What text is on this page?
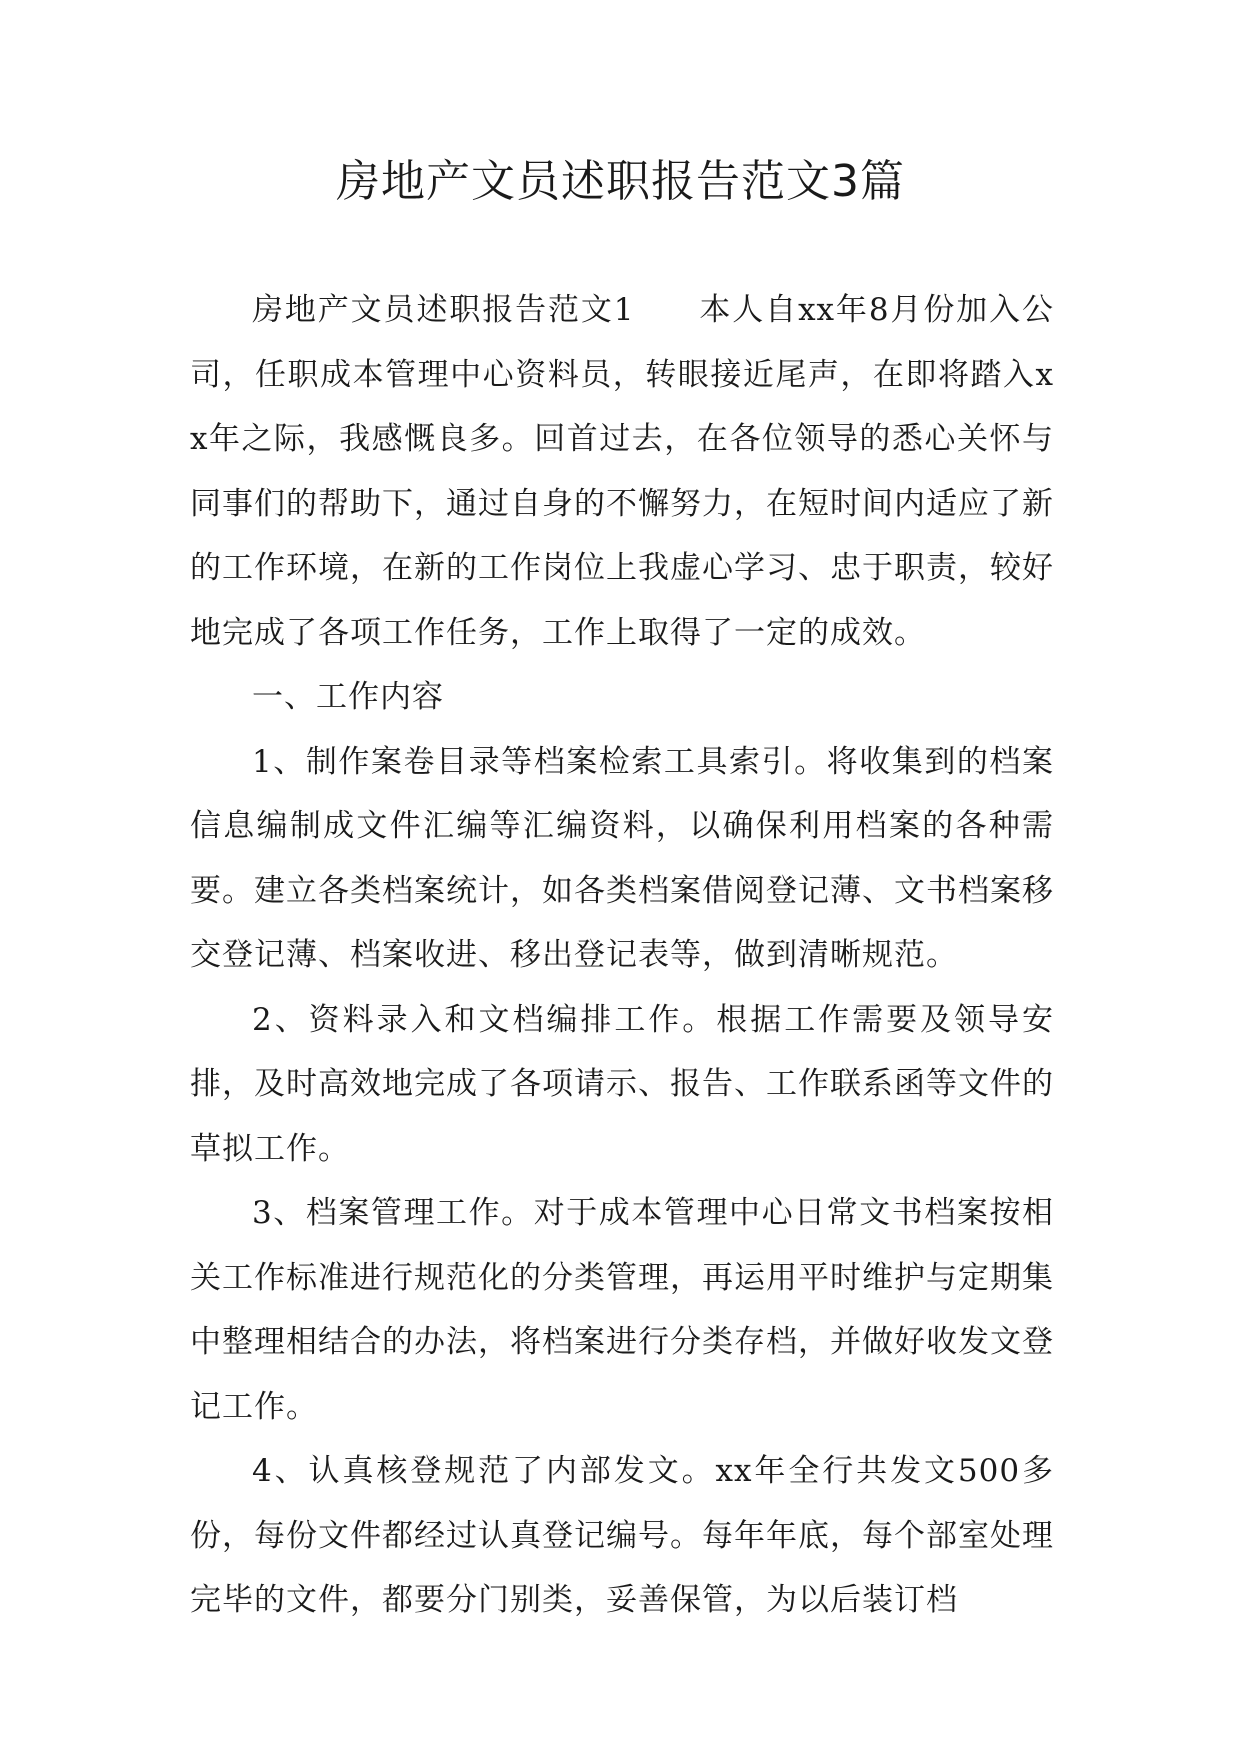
房地产文员述职报告范文3篇

房地产文员述职报告范文1 本人自xx年8月份加入公司，任职成本管理中心资料员，转眼接近尾声，在即将踏入xx年之际，我感慨良多。回首过去，在各位领导的悉心关怀与同事们的帮助下，通过自身的不懈努力，在短时间内适应了新的工作环境，在新的工作岗位上我虚心学习、忠于职责，较好地完成了各项工作任务，工作上取得了一定的成效。

一、工作内容

1、制作案卷目录等档案检索工具索引。将收集到的档案信息编制成文件汇编等汇编资料，以确保利用档案的各种需要。建立各类档案统计，如各类档案借阅登记薄、文书档案移交登记薄、档案收进、移出登记表等，做到清晰规范。

2、资料录入和文档编排工作。根据工作需要及领导安排，及时高效地完成了各项请示、报告、工作联系函等文件的草拟工作。

3、档案管理工作。对于成本管理中心日常文书档案按相关工作标准进行规范化的分类管理，再运用平时维护与定期集中整理相结合的办法，将档案进行分类存档，并做好收发文登记工作。

4、认真核登规范了内部发文。xx年全行共发文500多份，每份文件都经过认真登记编号。每年年底，每个部室处理完毕的文件，都要分门别类，妥善保管，为以后装订档
